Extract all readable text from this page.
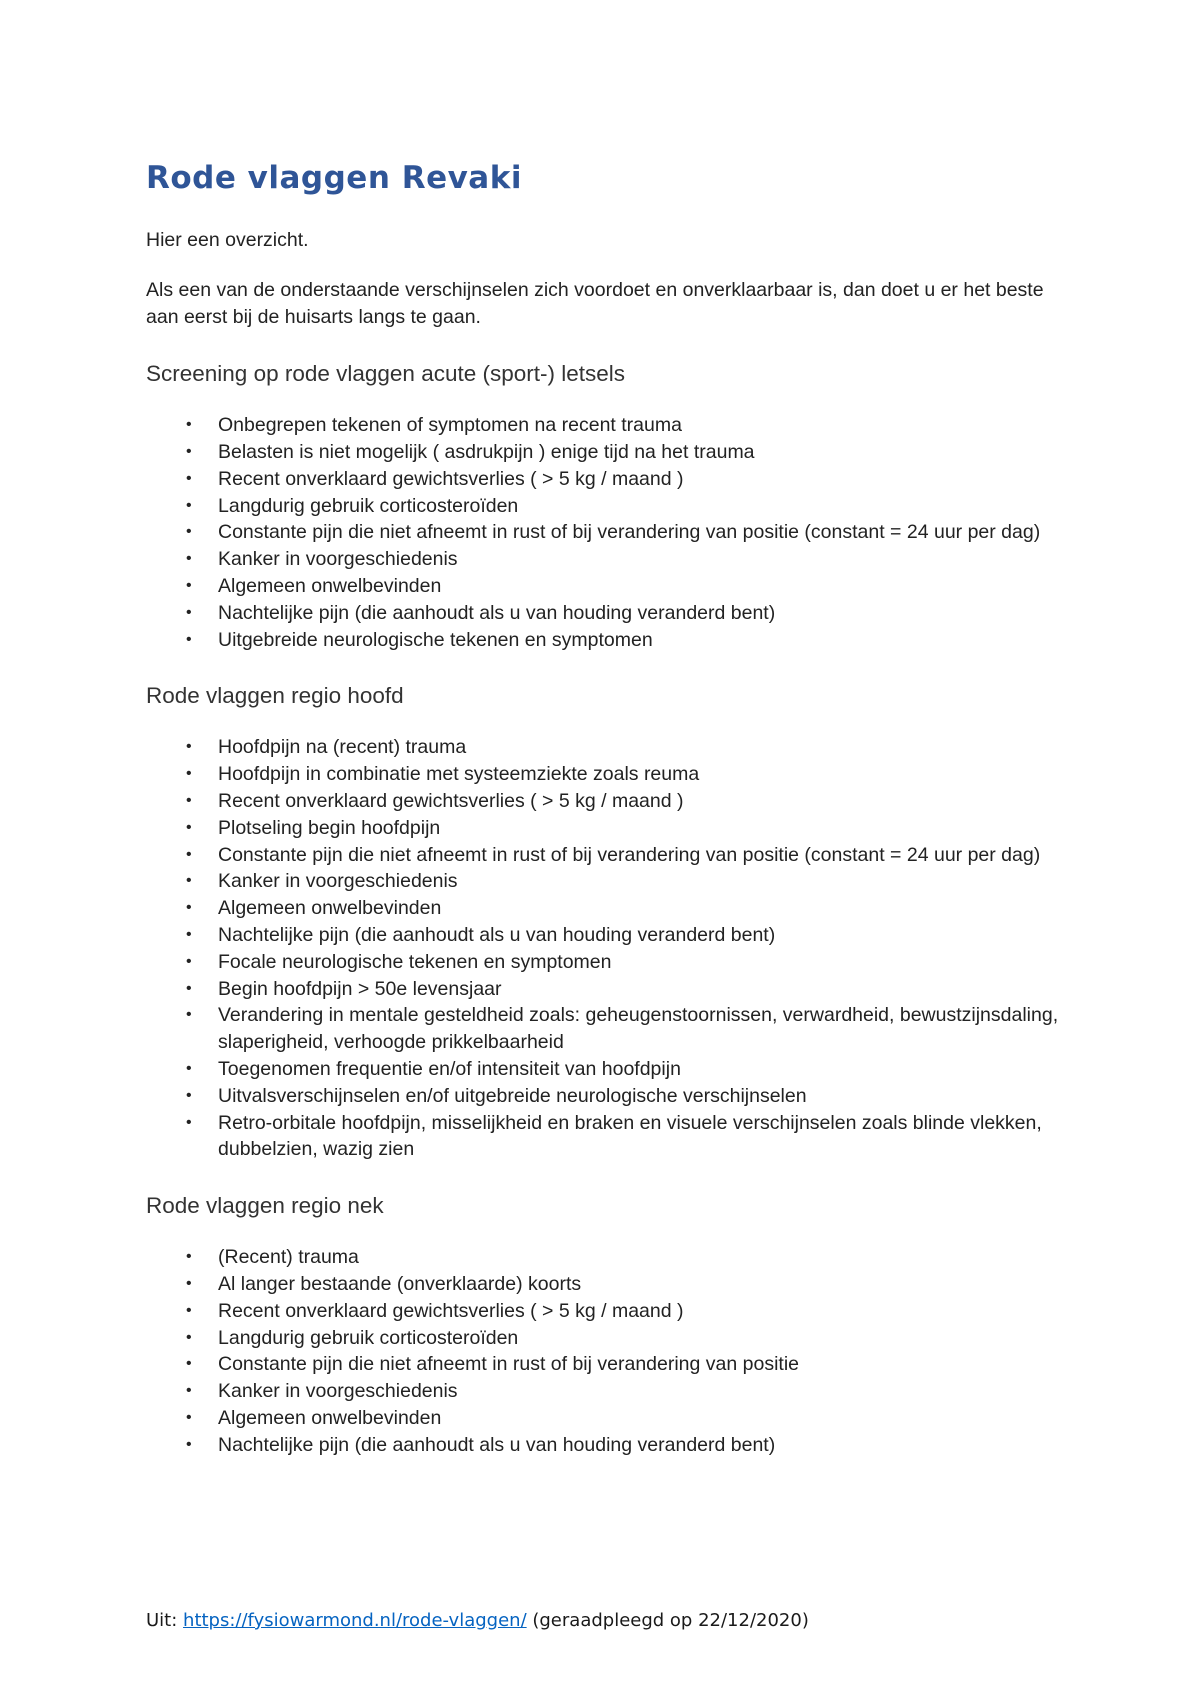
Rode vlaggen Revaki

Hier een overzicht.

Als een van de onderstaande verschijnselen zich voordoet en onverklaarbaar is, dan doet u er het beste aan eerst bij de huisarts langs te gaan.

Screening op rode vlaggen acute (sport-) letsels
• Onbegrepen tekenen of symptomen na recent trauma
• Belasten is niet mogelijk ( asdrukpijn ) enige tijd na het trauma
• Recent onverklaard gewichtsverlies ( > 5 kg / maand )
• Langdurig gebruik corticosteroïden
• Constante pijn die niet afneemt in rust of bij verandering van positie (constant = 24 uur per dag)
• Kanker in voorgeschiedenis
• Algemeen onwelbevinden
• Nachtelijke pijn (die aanhoudt als u van houding veranderd bent)
• Uitgebreide neurologische tekenen en symptomen
Rode vlaggen regio hoofd
• Hoofdpijn na (recent) trauma
• Hoofdpijn in combinatie met systeemziekte zoals reuma
• Recent onverklaard gewichtsverlies ( > 5 kg / maand )
• Plotseling begin hoofdpijn
• Constante pijn die niet afneemt in rust of bij verandering van positie (constant = 24 uur per dag)
• Kanker in voorgeschiedenis
• Algemeen onwelbevinden
• Nachtelijke pijn (die aanhoudt als u van houding veranderd bent)
• Focale neurologische tekenen en symptomen
• Begin hoofdpijn > 50e levensjaar
• Verandering in mentale gesteldheid zoals: geheugenstoornissen, verwardheid, bewustzijnsdaling, slaperigheid, verhoogde prikkelbaarheid
• Toegenomen frequentie en/of intensiteit van hoofdpijn
• Uitvalsverschijnselen en/of uitgebreide neurologische verschijnselen
• Retro-orbitale hoofdpijn, misselijkheid en braken en visuele verschijnselen zoals blinde vlekken, dubbelzien, wazig zien
Rode vlaggen regio nek
• (Recent) trauma
• Al langer bestaande (onverklaarde) koorts
• Recent onverklaard gewichtsverlies ( > 5 kg / maand )
• Langdurig gebruik corticosteroïden
• Constante pijn die niet afneemt in rust of bij verandering van positie
• Kanker in voorgeschiedenis
• Algemeen onwelbevinden
• Nachtelijke pijn (die aanhoudt als u van houding veranderd bent)
Uit: https://fysiowarmond.nl/rode-vlaggen/ (geraadpleegd op 22/12/2020)
